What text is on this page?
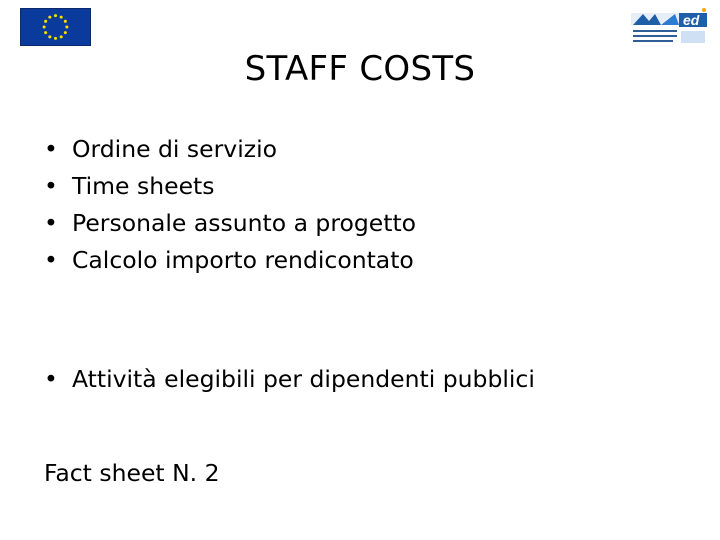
ed
STAFF COSTS
• Ordine di servizio
• Time sheets
• Personale assunto a progetto
• Calcolo importo rendicontato
• Attività elegibili per dipendenti pubblici
Fact sheet N. 2
